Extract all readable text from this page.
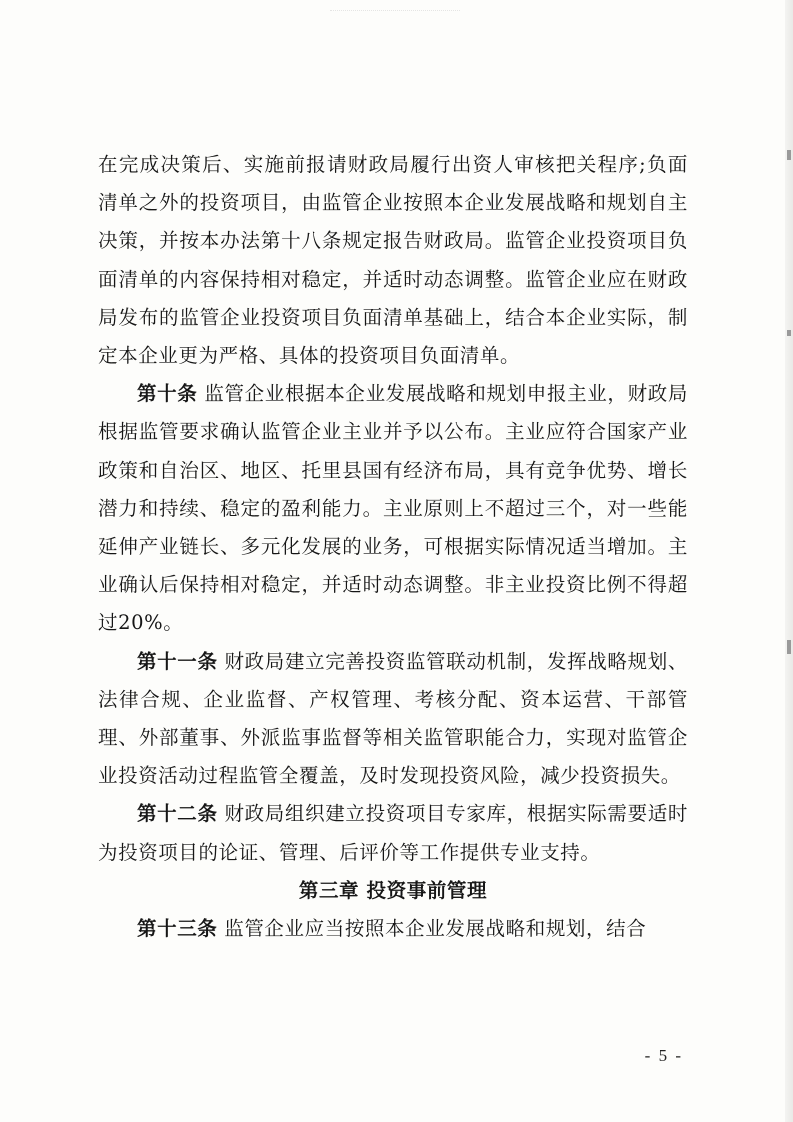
在完成决策后、实施前报请财政局履行出资人审核把关程序;负面清单之外的投资项目，由监管企业按照本企业发展战略和规划自主决策，并按本办法第十八条规定报告财政局。监管企业投资项目负面清单的内容保持相对稳定，并适时动态调整。监管企业应在财政局发布的监管企业投资项目负面清单基础上，结合本企业实际，制定本企业更为严格、具体的投资项目负面清单。

第十条 监管企业根据本企业发展战略和规划申报主业，财政局根据监管要求确认监管企业主业并予以公布。主业应符合国家产业政策和自治区、地区、托里县国有经济布局，具有竞争优势、增长潜力和持续、稳定的盈利能力。主业原则上不超过三个，对一些能延伸产业链长、多元化发展的业务，可根据实际情况适当增加。主业确认后保持相对稳定，并适时动态调整。非主业投资比例不得超过20%。

第十一条 财政局建立完善投资监管联动机制，发挥战略规划、法律合规、企业监督、产权管理、考核分配、资本运营、干部管理、外部董事、外派监事监督等相关监管职能合力，实现对监管企业投资活动过程监管全覆盖，及时发现投资风险，减少投资损失。

第十二条 财政局组织建立投资项目专家库，根据实际需要适时为投资项目的论证、管理、后评价等工作提供专业支持。

第三章 投资事前管理

第十三条 监管企业应当按照本企业发展战略和规划，结合

- 5 -
